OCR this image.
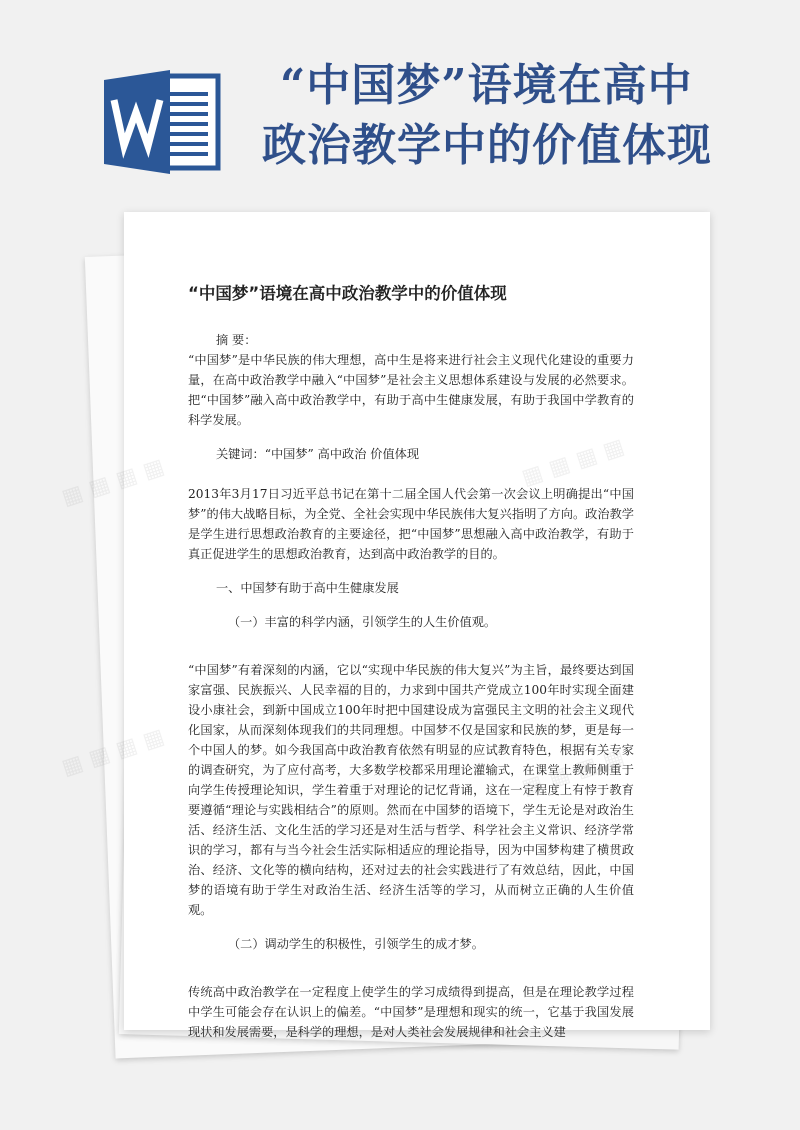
“中国梦”语境在高中
政治教学中的价值体现
“中国梦”语境在高中政治教学中的价值体现

摘 要：

“中国梦”是中华民族的伟大理想，高中生是将来进行社会主义现代化建设的重要力量，在高中政治教学中融入“中国梦”是社会主义思想体系建设与发展的必然要求。把“中国梦”融入高中政治教学中，有助于高中生健康发展，有助于我国中学教育的科学发展。

关键词：“中国梦” 高中政治 价值体现

2013年3月17日习近平总书记在第十二届全国人代会第一次会议上明确提出“中国梦”的伟大战略目标，为全党、全社会实现中华民族伟大复兴指明了方向。政治教学是学生进行思想政治教育的主要途径，把“中国梦”思想融入高中政治教学，有助于真正促进学生的思想政治教育，达到高中政治教学的目的。

一、中国梦有助于高中生健康发展

（一）丰富的科学内涵，引领学生的人生价值观。

“中国梦”有着深刻的内涵，它以“实现中华民族的伟大复兴”为主旨，最终要达到国家富强、民族振兴、人民幸福的目的，力求到中国共产党成立100年时实现全面建设小康社会，到新中国成立100年时把中国建设成为富强民主文明的社会主义现代化国家，从而深刻体现我们的共同理想。中国梦不仅是国家和民族的梦，更是每一个中国人的梦。如今我国高中政治教育依然有明显的应试教育特色，根据有关专家的调查研究，为了应付高考，大多数学校都采用理论灌输式，在课堂上教师侧重于向学生传授理论知识，学生着重于对理论的记忆背诵，这在一定程度上有悖于教育要遵循“理论与实践相结合”的原则。然而在中国梦的语境下，学生无论是对政治生活、经济生活、文化生活的学习还是对生活与哲学、科学社会主义常识、经济学常识的学习，都有与当今社会生活实际相适应的理论指导，因为中国梦构建了横贯政治、经济、文化等的横向结构，还对过去的社会实践进行了有效总结，因此，中国梦的语境有助于学生对政治生活、经济生活等的学习，从而树立正确的人生价值观。

（二）调动学生的积极性，引领学生的成才梦。

传统高中政治教学在一定程度上使学生的学习成绩得到提高，但是在理论教学过程中学生可能会存在认识上的偏差。“中国梦”是理想和现实的统一，它基于我国发展现状和发展需要，是科学的理想，是对人类社会发展规律和社会主义建

▦
▦ ▦
